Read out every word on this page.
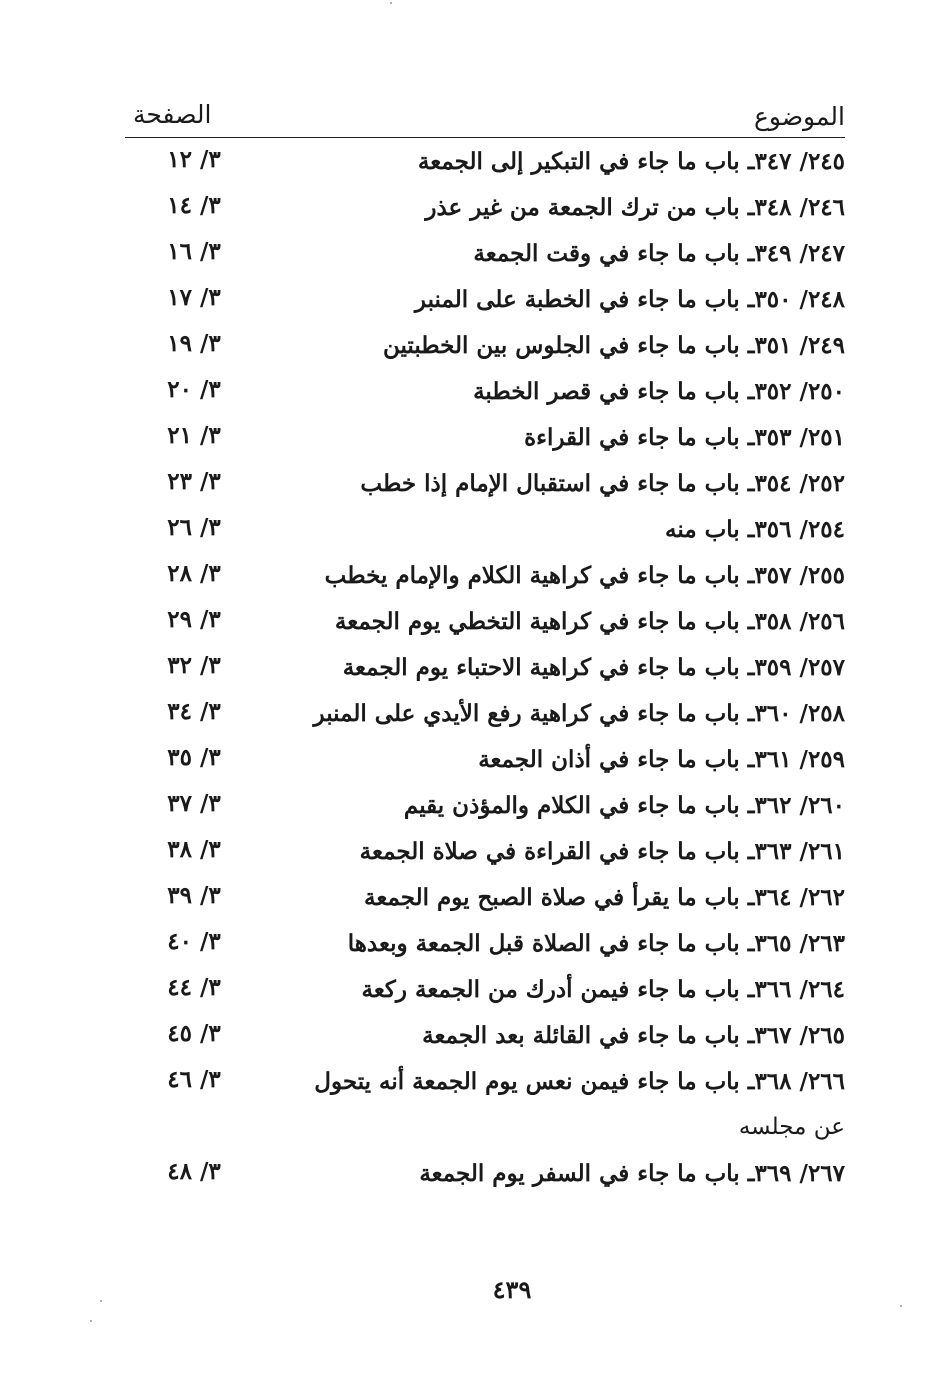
الموضوع
الصفحة
٢٤٥/ ٣٤٧ـ باب ما جاء في التبكير إلى الجمعة
٣/ ١٢
٢٤٦/ ٣٤٨ـ باب من ترك الجمعة من غير عذر
٣/ ١٤
٢٤٧/ ٣٤٩ـ باب ما جاء في وقت الجمعة
٣/ ١٦
٢٤٨/ ٣٥٠ـ باب ما جاء في الخطبة على المنبر
٣/ ١٧
٢٤٩/ ٣٥١ـ باب ما جاء في الجلوس بين الخطبتين
٣/ ١٩
٢٥٠/ ٣٥٢ـ باب ما جاء في قصر الخطبة
٣/ ٢٠
٢٥١/ ٣٥٣ـ باب ما جاء في القراءة
٣/ ٢١
٢٥٢/ ٣٥٤ـ باب ما جاء في استقبال الإمام إذا خطب
٣/ ٢٣
٢٥٤/ ٣٥٦ـ باب منه
٣/ ٢٦
٢٥٥/ ٣٥٧ـ باب ما جاء في كراهية الكلام والإمام يخطب
٣/ ٢٨
٢٥٦/ ٣٥٨ـ باب ما جاء في كراهية التخطي يوم الجمعة
٣/ ٢٩
٢٥٧/ ٣٥٩ـ باب ما جاء في كراهية الاحتباء يوم الجمعة
٣/ ٣٢
٢٥٨/ ٣٦٠ـ باب ما جاء في كراهية رفع الأيدي على المنبر
٣/ ٣٤
٢٥٩/ ٣٦١ـ باب ما جاء في أذان الجمعة
٣/ ٣٥
٢٦٠/ ٣٦٢ـ باب ما جاء في الكلام والمؤذن يقيم
٣/ ٣٧
٢٦١/ ٣٦٣ـ باب ما جاء في القراءة في صلاة الجمعة
٣/ ٣٨
٢٦٢/ ٣٦٤ـ باب ما يقرأ في صلاة الصبح يوم الجمعة
٣/ ٣٩
٢٦٣/ ٣٦٥ـ باب ما جاء في الصلاة قبل الجمعة وبعدها
٣/ ٤٠
٢٦٤/ ٣٦٦ـ باب ما جاء فيمن أدرك من الجمعة ركعة
٣/ ٤٤
٢٦٥/ ٣٦٧ـ باب ما جاء في القائلة بعد الجمعة
٣/ ٤٥
٢٦٦/ ٣٦٨ـ باب ما جاء فيمن نعس يوم الجمعة أنه يتحول
٣/ ٤٦
عن مجلسه
٢٦٧/ ٣٦٩ـ باب ما جاء في السفر يوم الجمعة
٣/ ٤٨
٤٣٩
